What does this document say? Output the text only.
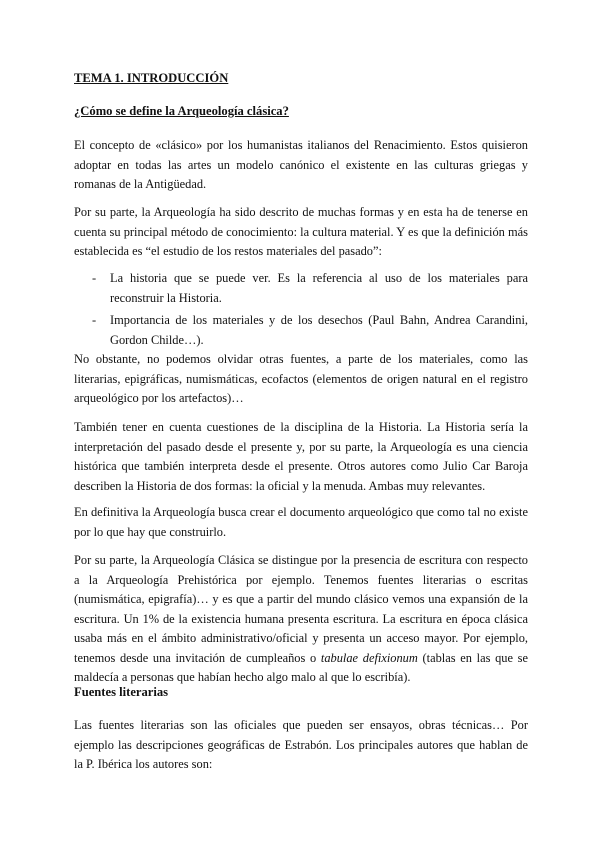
TEMA 1. INTRODUCCIÓN

¿Cómo se define la Arqueología clásica?

El concepto de «clásico» por los humanistas italianos del Renacimiento. Estos quisieron adoptar en todas las artes un modelo canónico el existente en las culturas griegas y romanas de la Antigüedad.

Por su parte, la Arqueología ha sido descrito de muchas formas y en esta ha de tenerse en cuenta su principal método de conocimiento: la cultura material. Y es que la definición más establecida es “el estudio de los restos materiales del pasado”:

- La historia que se puede ver. Es la referencia al uso de los materiales para reconstruir la Historia.
- Importancia de los materiales y de los desechos (Paul Bahn, Andrea Carandini, Gordon Childe…).

No obstante, no podemos olvidar otras fuentes, a parte de los materiales, como las literarias, epigráficas, numismáticas, ecofactos (elementos de origen natural en el registro arqueológico por los artefactos)…

También tener en cuenta cuestiones de la disciplina de la Historia. La Historia sería la interpretación del pasado desde el presente y, por su parte, la Arqueología es una ciencia histórica que también interpreta desde el presente. Otros autores como Julio Car Baroja describen la Historia de dos formas: la oficial y la menuda. Ambas muy relevantes.

En definitiva la Arqueología busca crear el documento arqueológico que como tal no existe por lo que hay que construirlo.

Por su parte, la Arqueología Clásica se distingue por la presencia de escritura con respecto a la Arqueología Prehistórica por ejemplo. Tenemos fuentes literarias o escritas (numismática, epigrafía)… y es que a partir del mundo clásico vemos una expansión de la escritura. Un 1% de la existencia humana presenta escritura. La escritura en época clásica usaba más en el ámbito administrativo/oficial y presenta un acceso mayor. Por ejemplo, tenemos desde una invitación de cumpleaños o tabulae defixionum (tablas en las que se maldecía a personas que habían hecho algo malo al que lo escribía).

Fuentes literarias

Las fuentes literarias son las oficiales que pueden ser ensayos, obras técnicas… Por ejemplo las descripciones geográficas de Estrabón. Los principales autores que hablan de la P. Ibérica los autores son:
